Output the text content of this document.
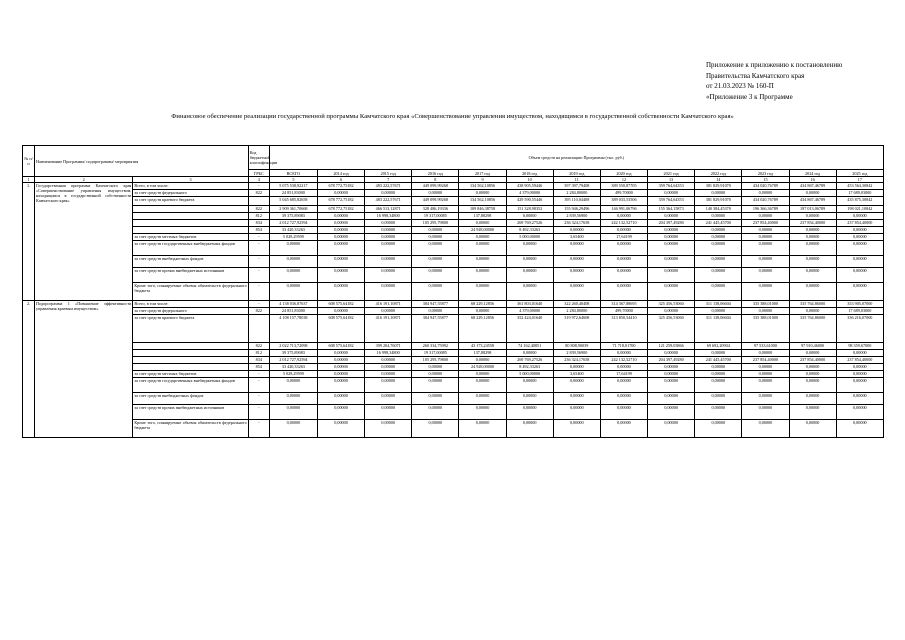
Приложение к приложению к постановлению
Правительства Камчатского края
от 21.03.2023 № 160-П
«Приложение 3 к Программе
Финансовое обеспечение реализации государственной программы Камчатского края «Совершенствование управления имуществом, находящимся в государственной собственности Камчатского края»
№ п/п	Наименование Программы/ подпрограммы/ мероприятия		Код бюджетной классификации	Объем средств на реализацию Программы (тыс. руб.)												
			ГРБС	ВСЕГО	2014 год	2015 год	2016 год	2017 год	2018 год	2019 год	2020 год	2021 год	2022 год	2023 год	2024 год	2025 год
1	2	3	4	5	6	7	8	9	10	11	12	13	14	15	16	17
1.	Государственная программа Камчатского края «Совершенствование управления имуществом, находящимся в государственной собственности Камчатского края»	Всего, в том числе:	-	5 075 538,92217	678 772,75182	483 222,57671	449 099,99268	134 562,10856	438 905,59446	397 397,79408	389 550,87705	359 764,64353	381 829,91070	434 020,76789	434 867,46789	453 564,30842
		за счет средств федерального	822	24 851,83000	0,00000	0,00000	0,00000	0,00000	4 379,00000	2 284,80000	499,70000	0,00000	0,00000	0,00000	0,00000	17 689,03000
		за счет средств краевого бюджета		5 045 685,82658	678 772,75182	483 222,57671	449 099,99268	134 562,10856	429 590,55446	395 110,04408	389 033,53506	359 764,64353	381 829,91070	434 020,76789	434 867,46789	435 875,30842
			822	2 909 361,70668	678 772,75182	466 513,12871	328 486,19336	109 846,38758	151 328,98352	155 946,29496	146 991,06796	155 364,15873	140 384,45370	196 366,36789	197 013,06789	198 021,10842
			812	39 375,89083	0,00000	16 998,34800	19 317,00085	137,88298	0,00000	2 839,56900	0,00000	0,00000	0,00000	0,00000	0,00000	0,00000
			834	2 012 727,92594	0,00000	0,00000	105 295,79800	0,00000	269 769,27526	236 324,17658	242 132,52710	204 397,49280	241 445,45700	237 854,40000	237 854,40000	237 854,40000
			854	33 420,33263	0,00000	0,00000	0,00000	24 928,00000	8 492,33263	0,00000	0,00000	0,00000	0,00000	0,00000	0,00000	0,00000
		за счет средств местных бюджетов	-	5 028,29599	0,00000	0,00000	0,00000	0,00000	5 000,00000	3,65400	17,64199	0,00000	0,00000	0,00000	0,00000	0,00000
		за счет средств государственных внебюджетных фондов	-	0,00000	0,00000	0,00000	0,00000	0,00000	0,00000	0,00000	0,00000	0,00000	0,00000	0,00000	0,00000	0,00000
		за счет средств внебюджетных фондов	-	0,00000	0,00000	0,00000	0,00000	0,00000	0,00000	0,00000	0,00000	0,00000	0,00000	0,00000	0,00000	0,00000
		за счет средств прочих внебюджетных источников	-	0,00000	0,00000	0,00000	0,00000	0,00000	0,00000	0,00000	0,00000	0,00000	0,00000	0,00000	0,00000	0,00000
		Кроме того, планируемые объемы обязательств федерального бюджета	-	0,00000	0,00000	0,00000	0,00000	0,00000	0,00000	0,00000	0,00000	0,00000	0,00000	0,00000	0,00000	0,00000
2.	Подпрограмма 1 «Повышение эффективности управления краевым имуществом»	Всего, в том числе:	-	4 138 036,87637	608 575,64182	416 191,10871	384 947,55877	68 229,12856	361 803,01640	322 260,40408	314 367,88695	325 456,53060	311 138,06604	335 388,01000	335 764,86000	353 905,07000
		за счет средств федерального	822	24 851,83000	0,00000	0,00000	0,00000	0,00000	4 379,00000	2 284,80000	499,70000	0,00000	0,00000	0,00000	0,00000	17 689,03000
		за счет средств краевого бюджета		4 108 157,78038	608 575,64182	416 191,10871	384 947,55877	68 229,12856	352 424,01640	319 972,64608	313 850,54410	325 456,53060	311 138,06604	335 388,01000	335 764,86000	336 216,07000
			822	2 022 713,72098	608 575,64182	399 204,76071	260 334,75992	43 173,24558	74 162,40851	80 808,90039	71 718,01700	121 259,03866	69 692,20904	97 533,61000	97 910,46000	98 359,67000
			812	39 375,89083	0,00000	16 998,34800	19 317,00085	137,88298	0,00000	2 839,56900	0,00000	0,00000	0,00000	0,00000	0,00000	0,00000
			834	2 012 727,92594	0,00000	0,00000	105 295,79800	0,00000	269 769,27526	236 324,17658	242 132,52710	204 397,49280	241 445,45700	237 854,40000	237 854,40000	237 854,40000
			854	33 420,33263	0,00000	0,00000	0,00000	24 928,00000	8 492,33263	0,00000	0,00000	0,00000	0,00000	0,00000	0,00000	0,00000
		за счет средств местных бюджетов	-	5 028,29599	0,00000	0,00000	0,00000	0,00000	5 000,00000	3,65400	17,64199	0,00000	0,00000	0,00000	0,00000	0,00000
		за счет средств государственных внебюджетных фондов	-	0,00000	0,00000	0,00000	0,00000	0,00000	0,00000	0,00000	0,00000	0,00000	0,00000	0,00000	0,00000	0,00000
		за счет средств внебюджетных фондов	-	0,00000	0,00000	0,00000	0,00000	0,00000	0,00000	0,00000	0,00000	0,00000	0,00000	0,00000	0,00000	0,00000
		за счет средств прочих внебюджетных источников	-	0,00000	0,00000	0,00000	0,00000	0,00000	0,00000	0,00000	0,00000	0,00000	0,00000	0,00000	0,00000	0,00000
		Кроме того, планируемые объемы обязательств федерального бюджета	-	0,00000	0,00000	0,00000	0,00000	0,00000	0,00000	0,00000	0,00000	0,00000	0,00000	0,00000	0,00000	0,00000
